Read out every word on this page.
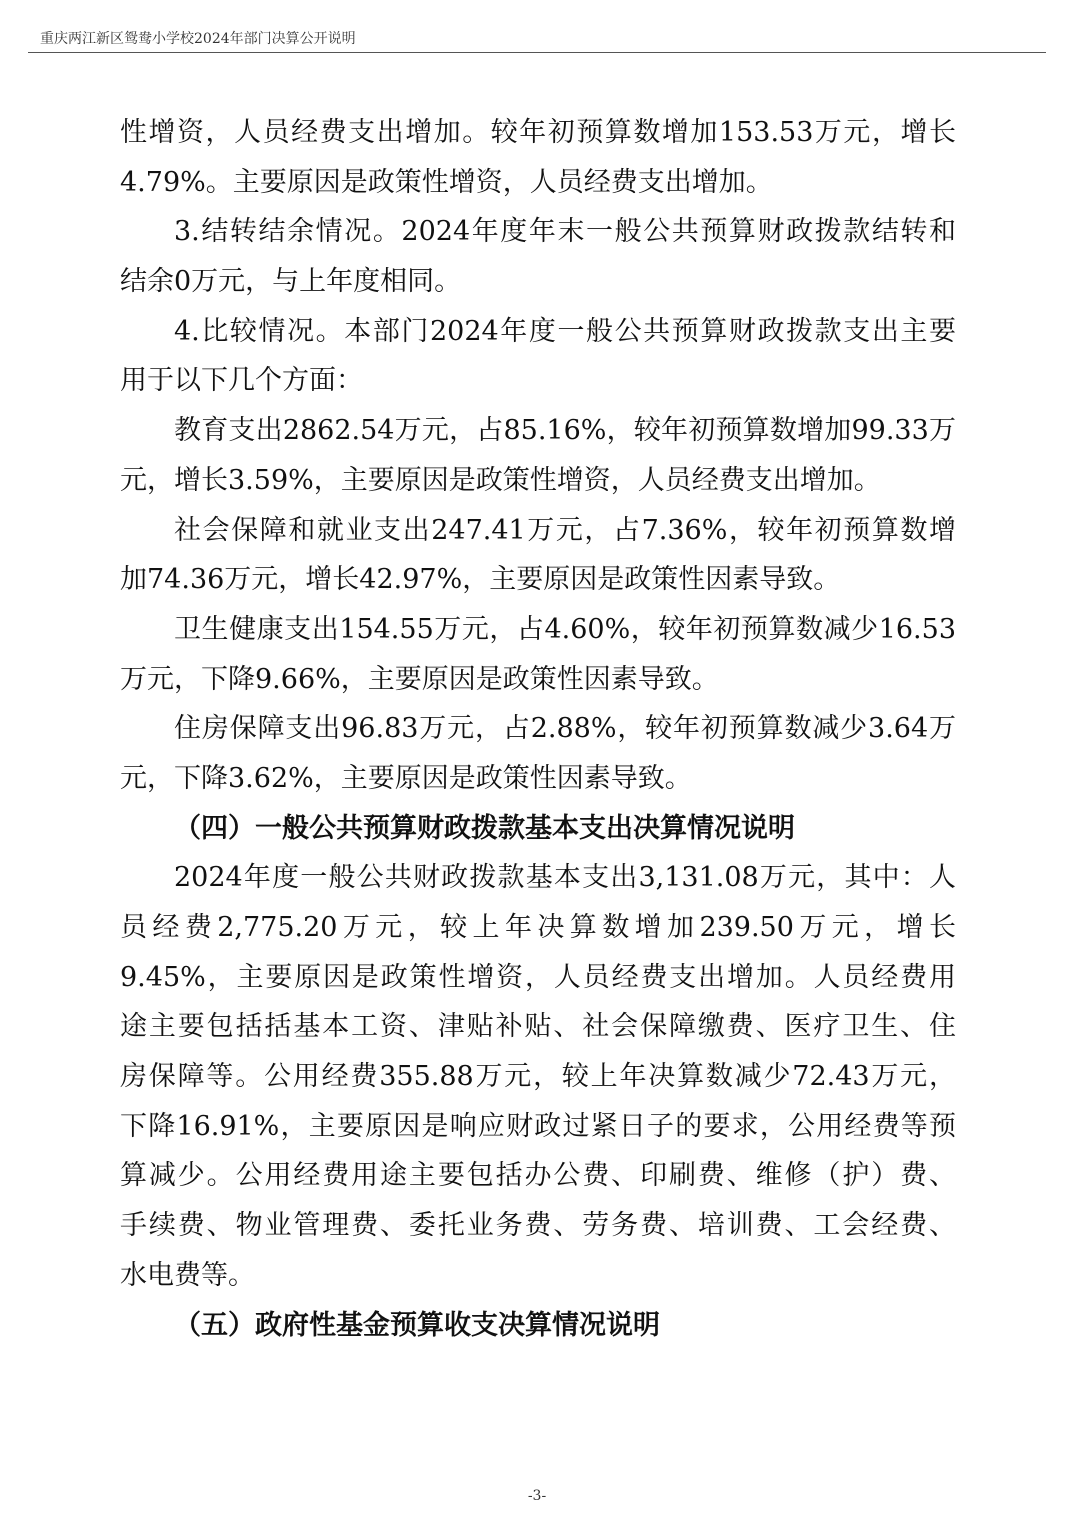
重庆两江新区鸳鸯小学校2024年部门决算公开说明
性增资，人员经费支出增加。较年初预算数增加153.53万元，增长
4.79%。主要原因是政策性增资，人员经费支出增加。
3.结转结余情况。2024年度年末一般公共预算财政拨款结转和
结余0万元，与上年度相同。
4.比较情况。本部门2024年度一般公共预算财政拨款支出主要
用于以下几个方面：
教育支出2862.54万元，占85.16%，较年初预算数增加99.33万
元，增长3.59%，主要原因是政策性增资，人员经费支出增加。
社会保障和就业支出247.41万元，占7.36%，较年初预算数增
加74.36万元，增长42.97%，主要原因是政策性因素导致。
卫生健康支出154.55万元，占4.60%，较年初预算数减少16.53
万元，下降9.66%，主要原因是政策性因素导致。
住房保障支出96.83万元，占2.88%，较年初预算数减少3.64万
元，下降3.62%，主要原因是政策性因素导致。
（四）一般公共预算财政拨款基本支出决算情况说明
2024年度一般公共财政拨款基本支出3,131.08万元，其中：人
员经费2,775.20万元，较上年决算数增加239.50万元，增长
9.45%，主要原因是政策性增资，人员经费支出增加。人员经费用
途主要包括括基本工资、津贴补贴、社会保障缴费、医疗卫生、住
房保障等。公用经费355.88万元，较上年决算数减少72.43万元，
下降16.91%，主要原因是响应财政过紧日子的要求，公用经费等预
算减少。公用经费用途主要包括办公费、印刷费、维修（护）费、
手续费、物业管理费、委托业务费、劳务费、培训费、工会经费、
水电费等。
（五）政府性基金预算收支决算情况说明
-3-
